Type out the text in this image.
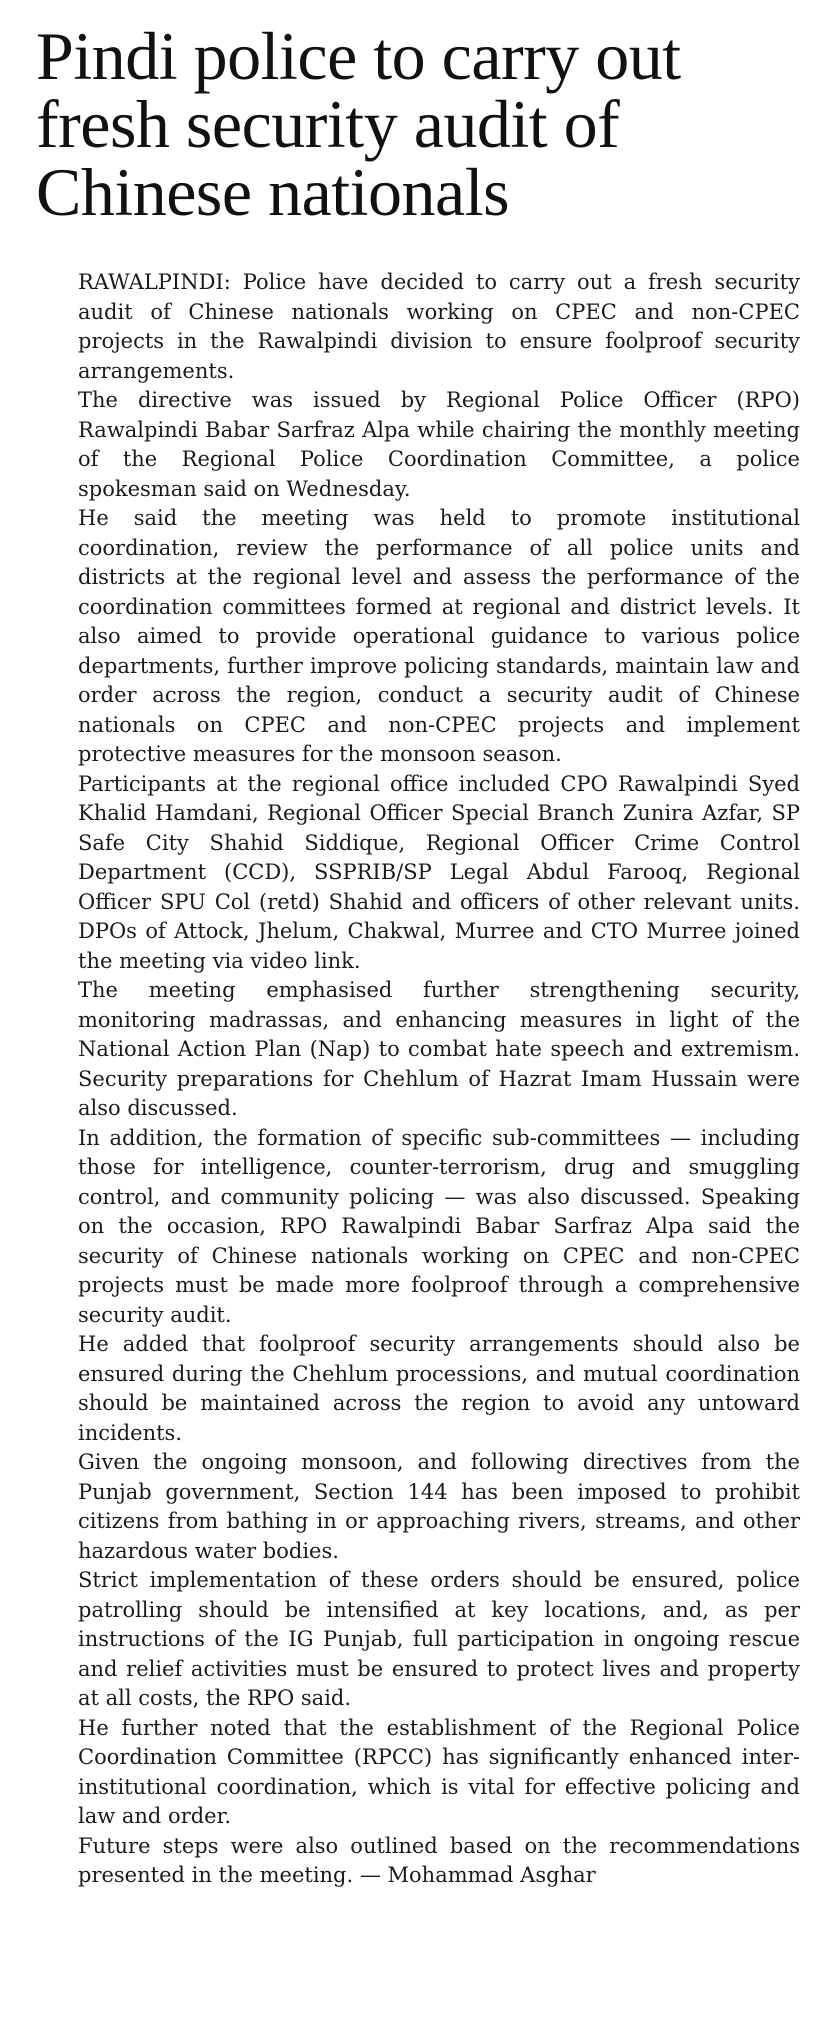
Pindi police to carry out fresh security audit of Chinese nationals

RAWALPINDI: Police have decided to carry out a fresh security audit of Chinese nationals working on CPEC and non-CPEC projects in the Rawalpindi division to ensure foolproof security arrangements.

The directive was issued by Regional Police Officer (RPO) Rawalpindi Babar Sarfraz Alpa while chairing the monthly meeting of the Regional Police Coordination Committee, a police spokesman said on Wednesday.

He said the meeting was held to promote institutional coordination, review the performance of all police units and districts at the regional level and assess the performance of the coordination committees formed at regional and district levels. It also aimed to provide operational guidance to various police departments, further improve policing standards, maintain law and order across the region, conduct a security audit of Chinese nationals on CPEC and non-CPEC projects and implement protective measures for the monsoon season.

Participants at the regional office included CPO Rawalpindi Syed Khalid Hamdani, Regional Officer Special Branch Zunira Azfar, SP Safe City Shahid Siddique, Regional Officer Crime Control Department (CCD), SSPRIB/SP Legal Abdul Farooq, Regional Officer SPU Col (retd) Shahid and officers of other relevant units. DPOs of Attock, Jhelum, Chakwal, Murree and CTO Murree joined the meeting via video link.

The meeting emphasised further strengthening security, monitoring madrassas, and enhancing measures in light of the National Action Plan (Nap) to combat hate speech and extremism. Security preparations for Chehlum of Hazrat Imam Hussain were also discussed.

In addition, the formation of specific sub-committees — including those for intelligence, counter-terrorism, drug and smuggling control, and community policing — was also discussed. Speaking on the occasion, RPO Rawalpindi Babar Sarfraz Alpa said the security of Chinese nationals working on CPEC and non-CPEC projects must be made more foolproof through a comprehensive security audit.

He added that foolproof security arrangements should also be ensured during the Chehlum processions, and mutual coordination should be maintained across the region to avoid any untoward incidents.

Given the ongoing monsoon, and following directives from the Punjab government, Section 144 has been imposed to prohibit citizens from bathing in or approaching rivers, streams, and other hazardous water bodies.

Strict implementation of these orders should be ensured, police patrolling should be intensified at key locations, and, as per instructions of the IG Punjab, full participation in ongoing rescue and relief activities must be ensured to protect lives and property at all costs, the RPO said.

He further noted that the establishment of the Regional Police Coordination Committee (RPCC) has significantly enhanced inter-institutional coordination, which is vital for effective policing and law and order.

Future steps were also outlined based on the recommendations presented in the meeting. — Mohammad Asghar
